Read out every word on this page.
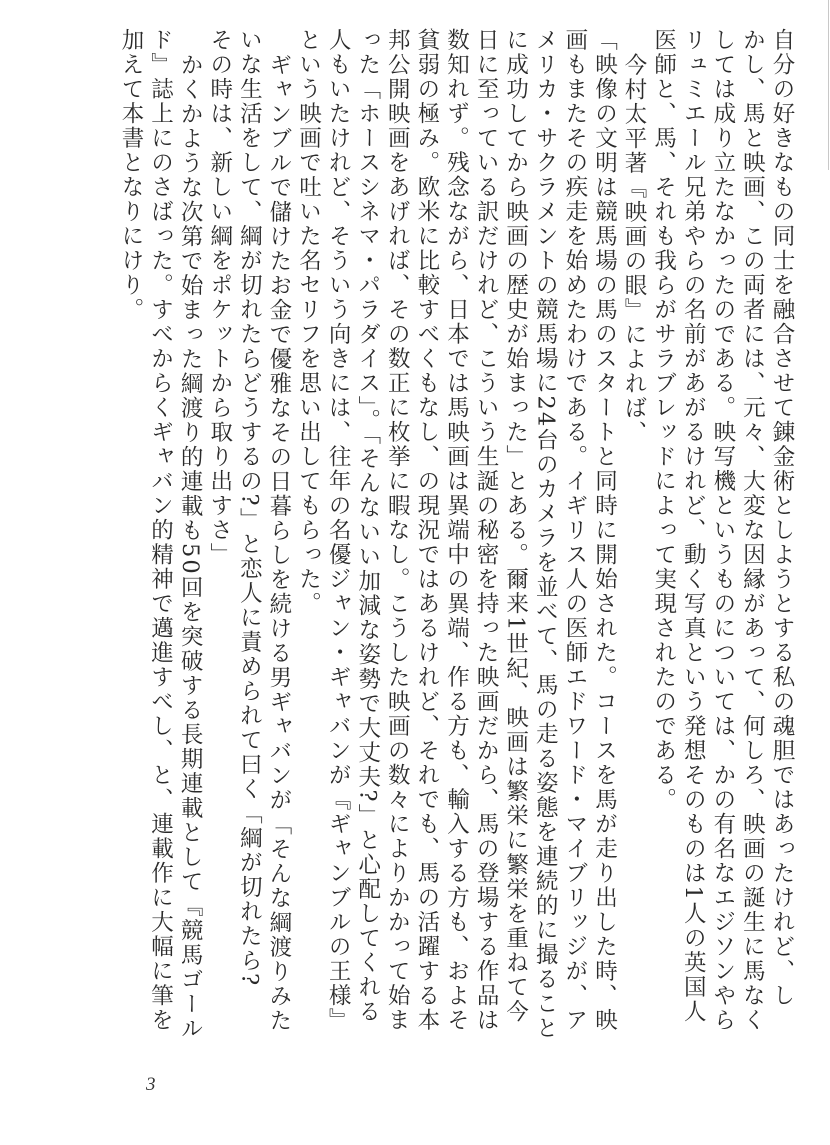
自分の好きなもの同士を融合させて錬金術としようとする私の魂胆ではあったけれど、し
かし、馬と映画、この両者には、元々、大変な因縁があって、何しろ、映画の誕生に馬なく
しては成り立たなかったのである。映写機というものについては、かの有名なエジソンやら
リュミエール兄弟やらの名前があがるけれど、動く写真という発想そのものは1人の英国人
医師と、馬、それも我らがサラブレッドによって実現されたのである。
今村太平著『映画の眼』によれば、
「映像の文明は競馬場の馬のスタートと同時に開始された。コースを馬が走り出した時、映
画もまたその疾走を始めたわけである。イギリス人の医師エドワード・マイブリッジが、ア
メリカ・サクラメントの競馬場に24台のカメラを並べて、馬の走る姿態を連続的に撮ること
に成功してから映画の歴史が始まった」とある。爾来1世紀、映画は繁栄に繁栄を重ねて今
日に至っている訳だけれど、こういう生誕の秘密を持った映画だから、馬の登場する作品は
数知れず。残念ながら、日本では馬映画は異端中の異端、作る方も、輸入する方も、およそ
貧弱の極み。欧米に比較すべくもなし、の現況ではあるけれど、それでも、馬の活躍する本
邦公開映画をあげれば、その数正に枚挙に暇なし。こうした映画の数々によりかかって始ま
った「ホースシネマ・パラダイス」。「そんないい加減な姿勢で大丈夫?」と心配してくれる
人もいたけれど、そういう向きには、往年の名優ジャン・ギャバンが『ギャンブルの王様』
という映画で吐いた名セリフを思い出してもらった。
ギャンブルで儲けたお金で優雅なその日暮らしを続ける男ギャバンが「そんな綱渡りみた
いな生活をして、綱が切れたらどうするの?」と恋人に責められて曰く「綱が切れたら?
その時は、新しい綱をポケットから取り出すさ」
かくかような次第で始まった綱渡り的連載も50回を突破する長期連載として『競馬ゴール
ド』誌上にのさばった。すべからくギャバン的精神で邁進すべし、と、連載作に大幅に筆を
加えて本書となりにけり。
3
